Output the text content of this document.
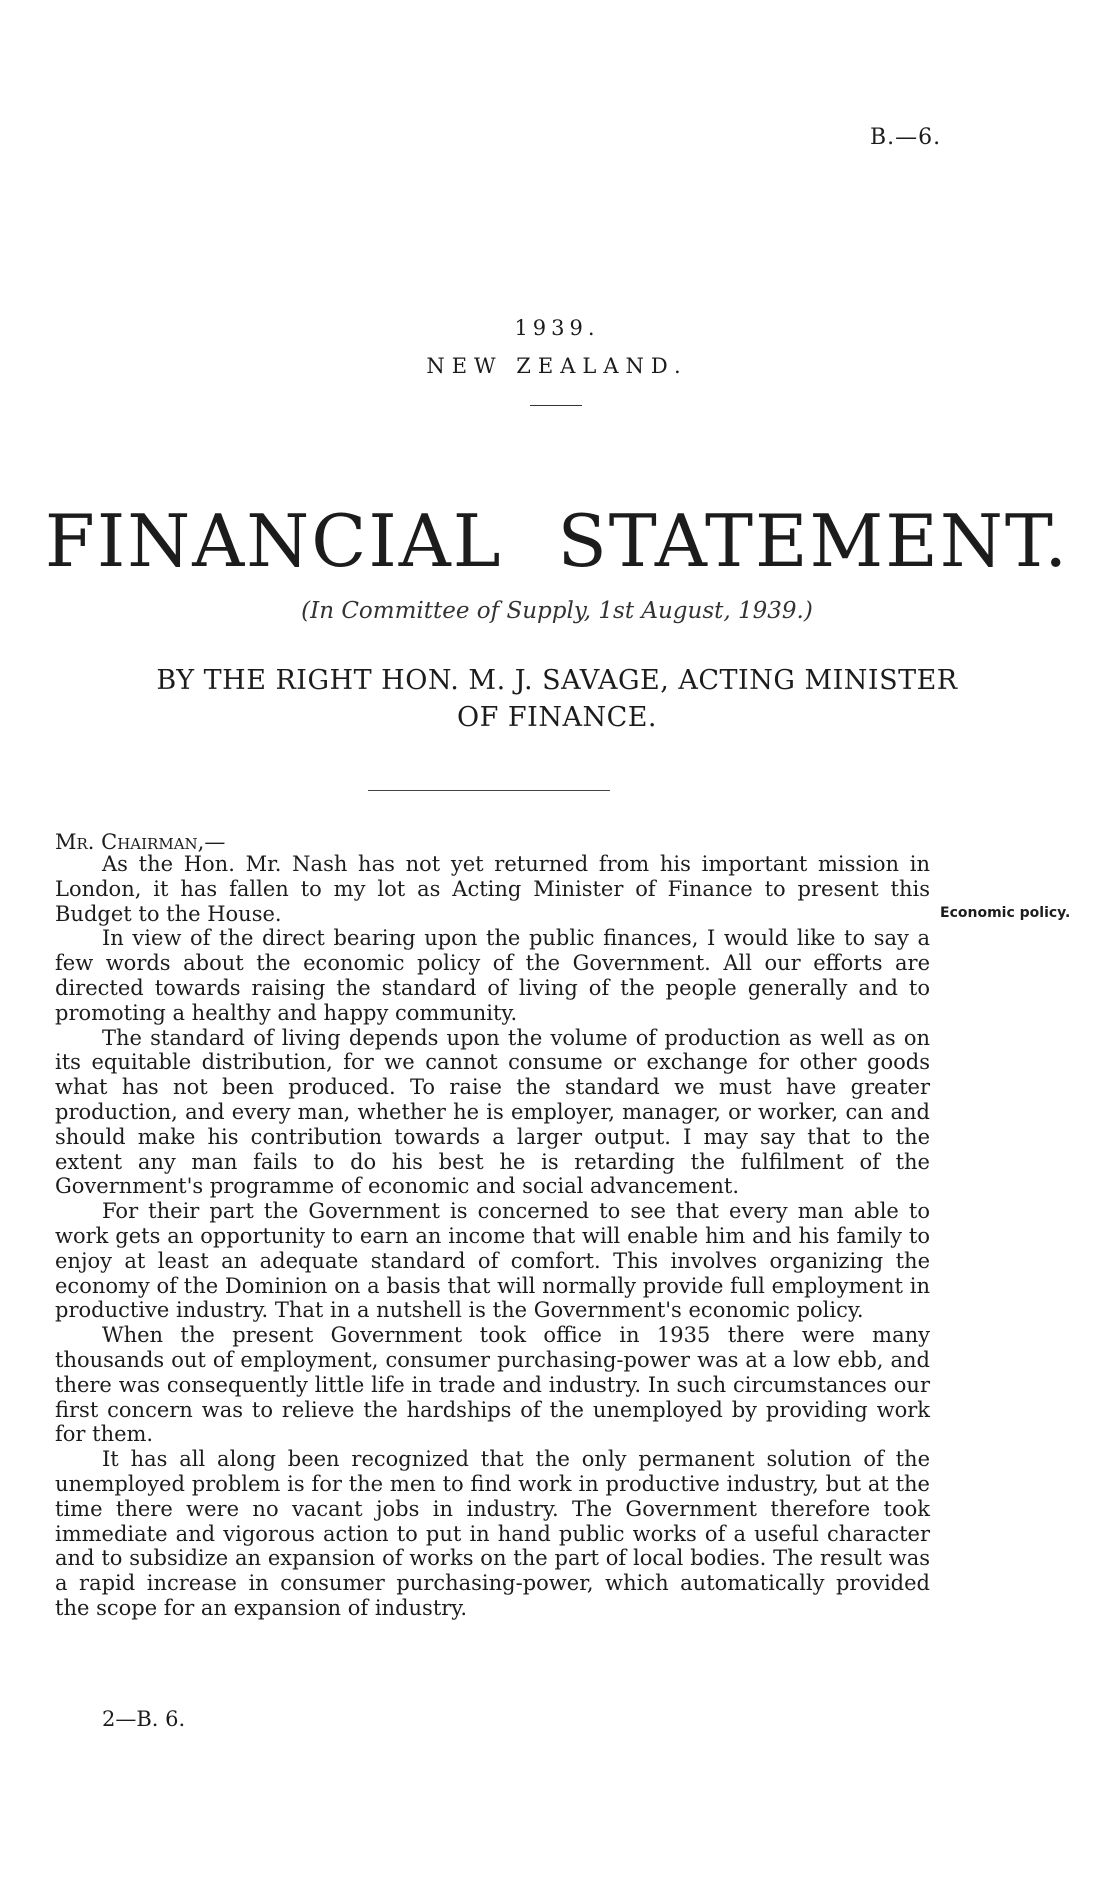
B.—6.
1939.
NEW ZEALAND.
FINANCIAL STATEMENT.
(In Committee of Supply, 1st August, 1939.)
BY THE RIGHT HON. M. J. SAVAGE, ACTING MINISTER
OF FINANCE.
Mr. Chairman,—

As the Hon. Mr. Nash has not yet returned from his important mission in London, it has fallen to my lot as Acting Minister of Finance to present this Budget to the House.

In view of the direct bearing upon the public finances, I would like to say a few words about the economic policy of the Government. All our efforts are directed towards raising the standard of living of the people generally and to promoting a healthy and happy community.

The standard of living depends upon the volume of production as well as on its equitable distribution, for we cannot consume or exchange for other goods what has not been produced. To raise the standard we must have greater production, and every man, whether he is employer, manager, or worker, can and should make his contribution towards a larger output. I may say that to the extent any man fails to do his best he is retarding the fulfilment of the Government's programme of economic and social advancement.

For their part the Government is concerned to see that every man able to work gets an opportunity to earn an income that will enable him and his family to enjoy at least an adequate standard of comfort. This involves organizing the economy of the Dominion on a basis that will normally provide full employment in productive industry. That in a nutshell is the Government's economic policy.

When the present Government took office in 1935 there were many thousands out of employment, consumer purchasing-power was at a low ebb, and there was consequently little life in trade and industry. In such circumstances our first concern was to relieve the hardships of the unemployed by providing work for them.

It has all along been recognized that the only permanent solution of the unemployed problem is for the men to find work in productive industry, but at the time there were no vacant jobs in industry. The Government therefore took immediate and vigorous action to put in hand public works of a useful character and to subsidize an expansion of works on the part of local bodies. The result was a rapid increase in consumer purchasing-power, which automatically provided the scope for an expansion of industry.

Economic policy.
2—B. 6.
